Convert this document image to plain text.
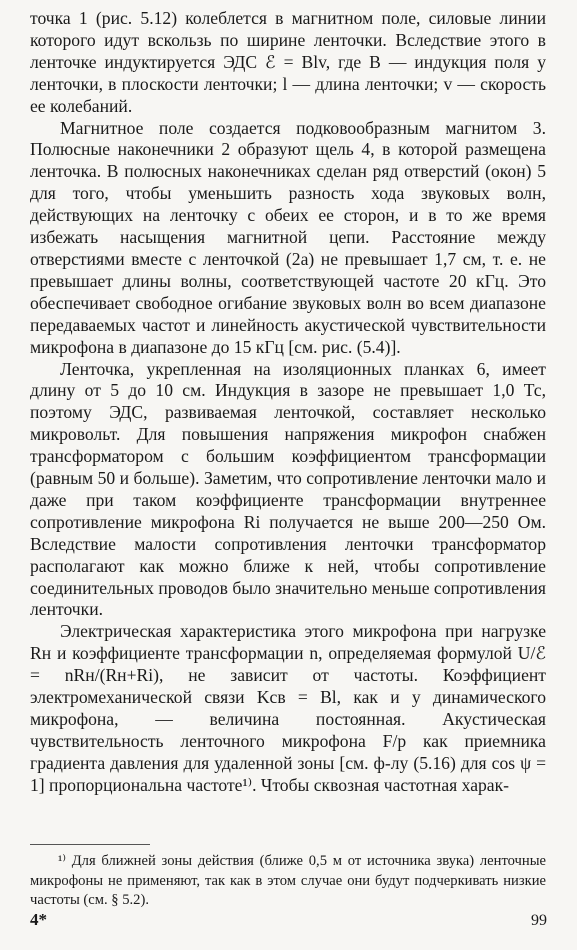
точка 1 (рис. 5.12) колеблется в магнитном поле, силовые линии которого идут вскользь по ширине ленточки. Вследствие этого в ленточке индуктируется ЭДС ℰ = Blv, где B — индукция поля у ленточки, в плоскости ленточки; l — длина ленточки; v — скорость ее колебаний.

Магнитное поле создается подковообразным магнитом 3. Полюсные наконечники 2 образуют щель 4, в которой размещена ленточка. В полюсных наконечниках сделан ряд отверстий (окон) 5 для того, чтобы уменьшить разность хода звуковых волн, действующих на ленточку с обеих ее сторон, и в то же время избежать насыщения магнитной цепи. Расстояние между отверстиями вместе с ленточкой (2a) не превышает 1,7 см, т. е. не превышает длины волны, соответствующей частоте 20 кГц. Это обеспечивает свободное огибание звуковых волн во всем диапазоне передаваемых частот и линейность акустической чувствительности микрофона в диапазоне до 15 кГц [см. рис. (5.4)].

Ленточка, укрепленная на изоляционных планках 6, имеет длину от 5 до 10 см. Индукция в зазоре не превышает 1,0 Тс, поэтому ЭДС, развиваемая ленточкой, составляет несколько микровольт. Для повышения напряжения микрофон снабжен трансформатором с большим коэффициентом трансформации (равным 50 и больше). Заметим, что сопротивление ленточки мало и даже при таком коэффициенте трансформации внутреннее сопротивление микрофона Ri получается не выше 200—250 Ом. Вследствие малости сопротивления ленточки трансформатор располагают как можно ближе к ней, чтобы сопротивление соединительных проводов было значительно меньше сопротивления ленточки.

Электрическая характеристика этого микрофона при нагрузке Rн и коэффициенте трансформации n, определяемая формулой U/ℰ = nRн/(Rн+Ri), не зависит от частоты. Коэффициент электромеханической связи Kсв = Bl, как и у динамического микрофона, — величина постоянная. Акустическая чувствительность ленточного микрофона F/p как приемника градиента давления для удаленной зоны [см. ф-лу (5.16) для cos ψ = 1] пропорциональна частоте¹⁾. Чтобы сквозная частотная харак-

¹⁾ Для ближней зоны действия (ближе 0,5 м от источника звука) ленточные микрофоны не применяют, так как в этом случае они будут подчеркивать низкие частоты (см. § 5.2).

4*	99
